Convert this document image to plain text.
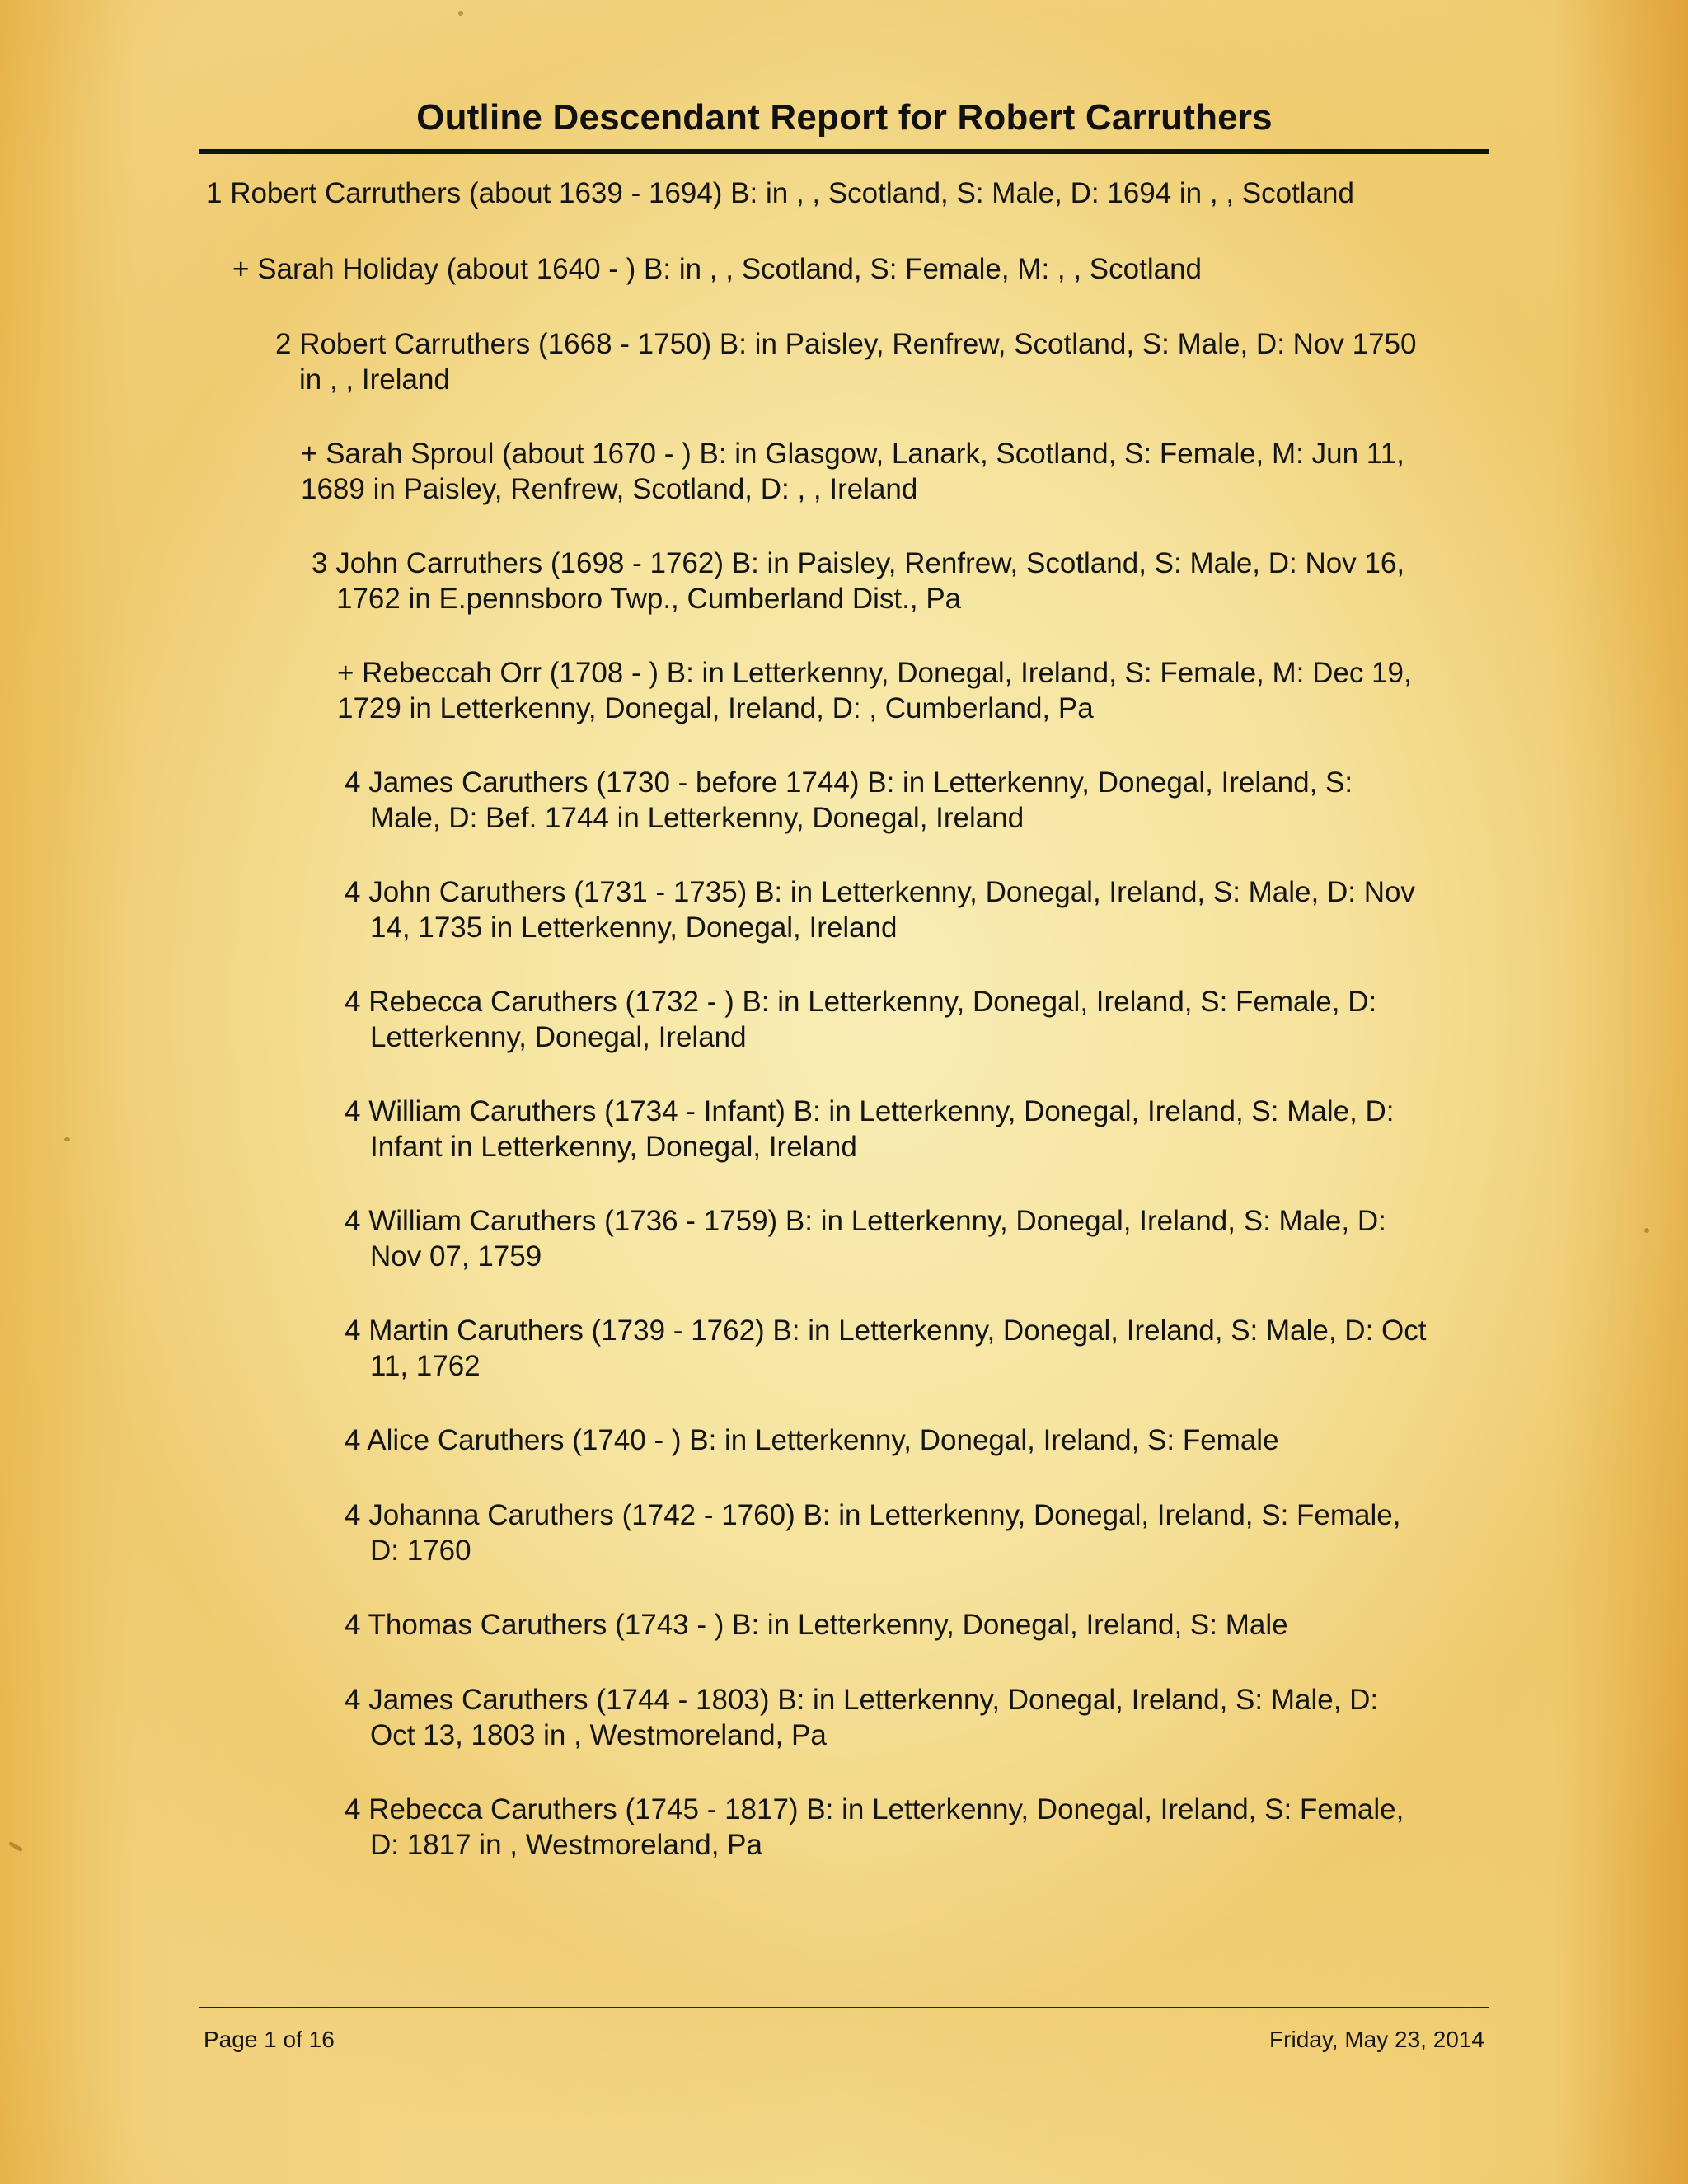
Outline Descendant Report for Robert Carruthers
1 Robert Carruthers (about 1639 - 1694) B: in , , Scotland, S: Male, D: 1694 in , , Scotland
+ Sarah Holiday (about 1640 - ) B: in , , Scotland, S: Female, M: , , Scotland
2 Robert Carruthers (1668 - 1750) B: in Paisley, Renfrew, Scotland, S: Male, D: Nov 1750
in , , Ireland
+ Sarah Sproul (about 1670 - ) B: in Glasgow, Lanark, Scotland, S: Female, M: Jun 11,
1689 in Paisley, Renfrew, Scotland, D: , , Ireland
3 John Carruthers (1698 - 1762) B: in Paisley, Renfrew, Scotland, S: Male, D: Nov 16,
1762 in E.pennsboro Twp., Cumberland Dist., Pa
+ Rebeccah Orr (1708 - ) B: in Letterkenny, Donegal, Ireland, S: Female, M: Dec 19,
1729 in Letterkenny, Donegal, Ireland, D: , Cumberland, Pa
4 James Caruthers (1730 - before 1744) B: in Letterkenny, Donegal, Ireland, S:
Male, D: Bef. 1744 in Letterkenny, Donegal, Ireland
4 John Caruthers (1731 - 1735) B: in Letterkenny, Donegal, Ireland, S: Male, D: Nov
14, 1735 in Letterkenny, Donegal, Ireland
4 Rebecca Caruthers (1732 - ) B: in Letterkenny, Donegal, Ireland, S: Female, D:
Letterkenny, Donegal, Ireland
4 William Caruthers (1734 - Infant) B: in Letterkenny, Donegal, Ireland, S: Male, D:
Infant in Letterkenny, Donegal, Ireland
4 William Caruthers (1736 - 1759) B: in Letterkenny, Donegal, Ireland, S: Male, D:
Nov 07, 1759
4 Martin Caruthers (1739 - 1762) B: in Letterkenny, Donegal, Ireland, S: Male, D: Oct
11, 1762
4 Alice Caruthers (1740 - ) B: in Letterkenny, Donegal, Ireland, S: Female
4 Johanna Caruthers (1742 - 1760) B: in Letterkenny, Donegal, Ireland, S: Female,
D: 1760
4 Thomas Caruthers (1743 - ) B: in Letterkenny, Donegal, Ireland, S: Male
4 James Caruthers (1744 - 1803) B: in Letterkenny, Donegal, Ireland, S: Male, D:
Oct 13, 1803 in , Westmoreland, Pa
4 Rebecca Caruthers (1745 - 1817) B: in Letterkenny, Donegal, Ireland, S: Female,
D: 1817 in , Westmoreland, Pa
Page 1 of 16	Friday, May 23, 2014
